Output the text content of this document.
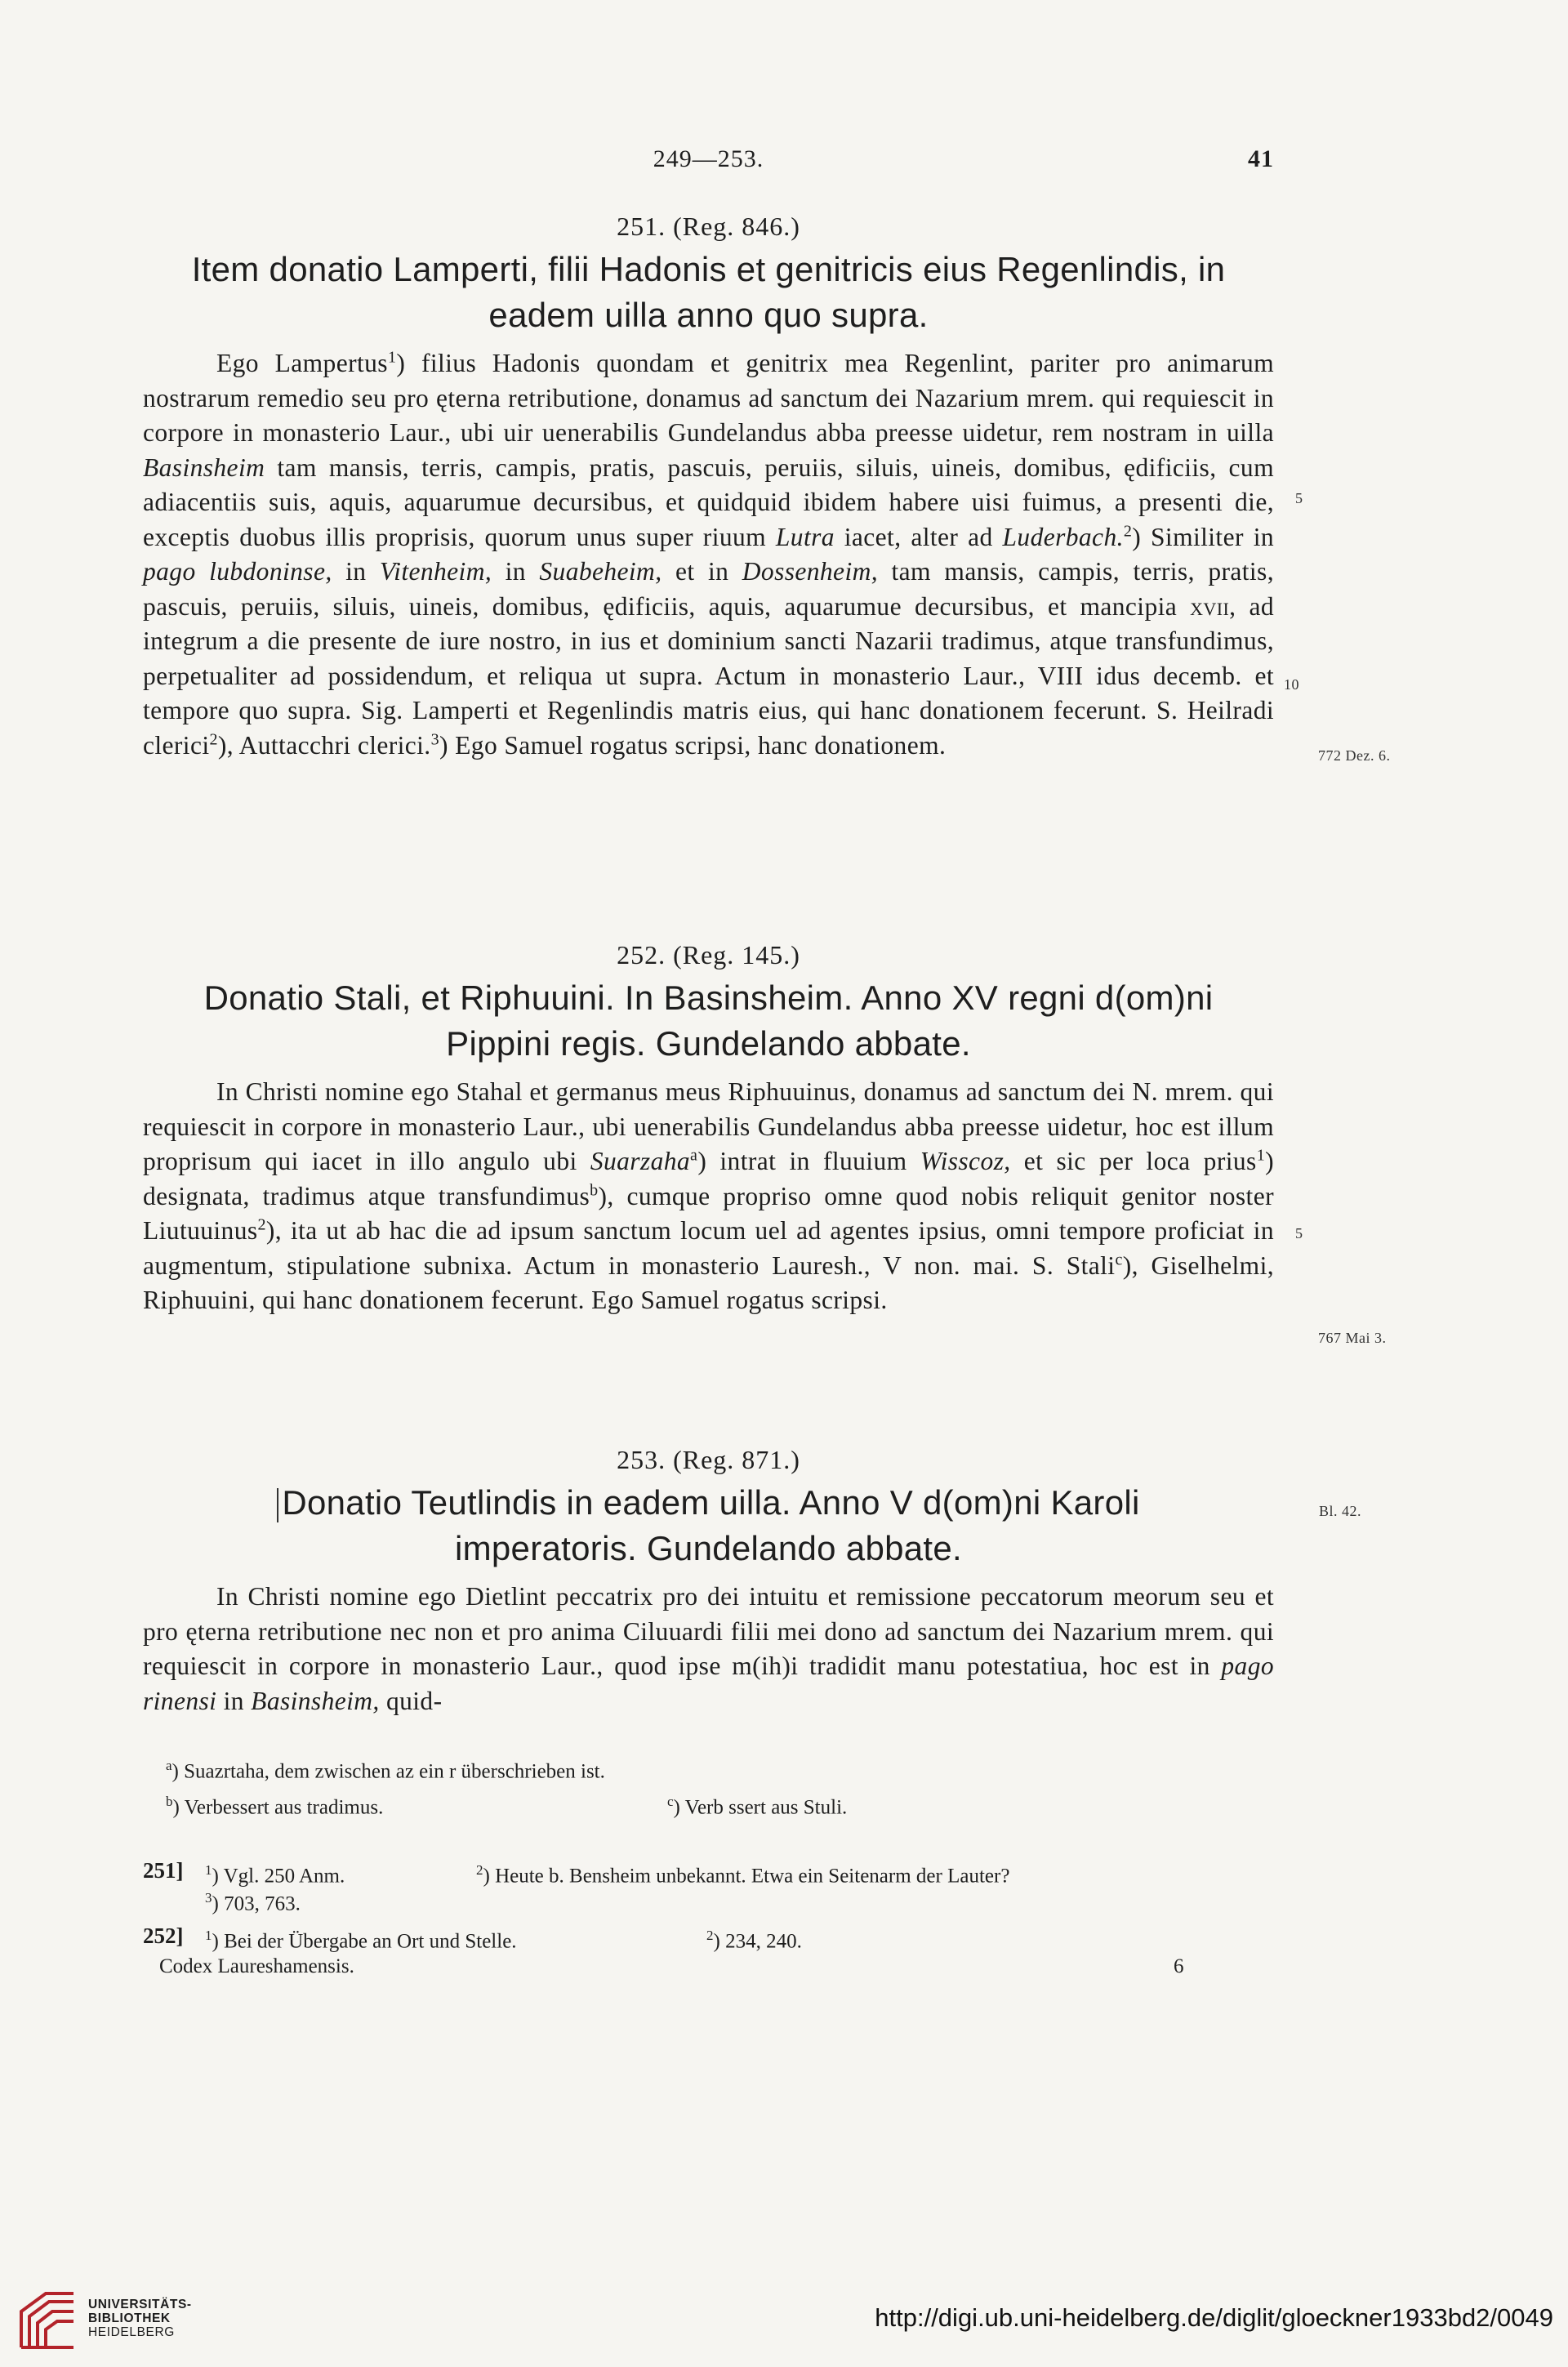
249—253.	41
251. (Reg. 846.)
Item donatio Lamperti, filii Hadonis et genitricis eius Regenlindis, in
eadem uilla anno quo supra.

Ego Lampertus$^1$) filius Hadonis quondam et genitrix mea Regenlint, pariter pro animarum nostrarum remedio seu pro ęterna retributione, donamus ad sanctum dei Nazarium mrem. qui requiescit in corpore in monasterio Laur., ubi uir uenerabilis Gundelandus abba preesse uidetur, rem nostram in uilla Basinsheim tam mansis, terris, campis, pratis, pascuis, peruiis, siluis, uineis, domibus, ędificiis, cum adiacentiis suis, aquis, aquarumue decursibus, et quidquid ibidem habere uisi fuimus, a presenti die, exceptis duobus illis proprisis, quorum unus super riuum Lutra iacet, alter ad Luderbach.$^2$) Similiter in pago lubdoninse, in Vitenheim, in Suabeheim, et in Dossenheim, tam mansis, campis, terris, pratis, pascuis, peruiis, siluis, uineis, domibus, ędificiis, aquis, aquarumue decursibus, et mancipia xvii, ad integrum a die presente de iure nostro, in ius et dominium sancti Nazarii tradimus, atque transfundimus, perpetualiter ad possidendum, et reliqua ut supra. Actum in monasterio Laur., VIII idus decemb. et tempore quo supra. Sig. Lamperti et Regenlindis matris eius, qui hanc donationem fecerunt. S. Heilradi clerici$^2$), Auttacchri clerici.$^3$) Ego Samuel rogatus scripsi, hanc donationem.

5
10
772 Dez. 6.
252. (Reg. 145.)
Donatio Stali, et Riphuuini. In Basinsheim. Anno XV regni d(om)ni
Pippini regis. Gundelando abbate.

In Christi nomine ego Stahal et germanus meus Riphuuinus, donamus ad sanctum dei N. mrem. qui requiescit in corpore in monasterio Laur., ubi uenerabilis Gundelandus abba preesse uidetur, hoc est illum proprisum qui iacet in illo angulo ubi Suarzaha$^a$) intrat in fluuium Wisscoz, et sic per loca prius$^1$) designata, tradimus atque transfundimus$^b$), cumque propriso omne quod nobis reliquit genitor noster Liutuuinus$^2$), ita ut ab hac die ad ipsum sanctum locum uel ad agentes ipsius, omni tempore proficiat in augmentum, stipulatione subnixa. Actum in monasterio Lauresh., V non. mai. S. Stali$^c$), Giselhelmi, Riphuuini, qui hanc donationem fecerunt. Ego Samuel rogatus scripsi.

5
767 Mai 3.
253. (Reg. 871.)
Donatio Teutlindis in eadem uilla. Anno V d(om)ni Karoli
imperatoris. Gundelando abbate.

In Christi nomine ego Dietlint peccatrix pro dei intuitu et remissione peccatorum meorum seu et pro ęterna retributione nec non et pro anima Ciluuardi filii mei dono ad sanctum dei Nazarium mrem. qui requiescit in corpore in monasterio Laur., quod ipse m(ih)i tradidit manu potestatiua, hoc est in pago rinensi in Basinsheim, quid-

Bl. 42.
$^a$) Suazrtaha, dem zwischen az ein r überschrieben ist.
$^b$) Verbessert aus tradimus.	$^c$) Verb ssert aus Stuli.
251] $^1$) Vgl. 250 Anm.	$^2$) Heute b. Bensheim unbekannt. Etwa ein Seitenarm der Lauter?
$^3$) 703, 763.
252] $^1$) Bei der Übergabe an Ort und Stelle.	$^2$) 234, 240.
Codex Laureshamensis.	6
UNIVERSITÄTS-
BIBLIOTHEK
HEIDELBERG
http://digi.ub.uni-heidelberg.de/diglit/gloeckner1933bd2/0049
